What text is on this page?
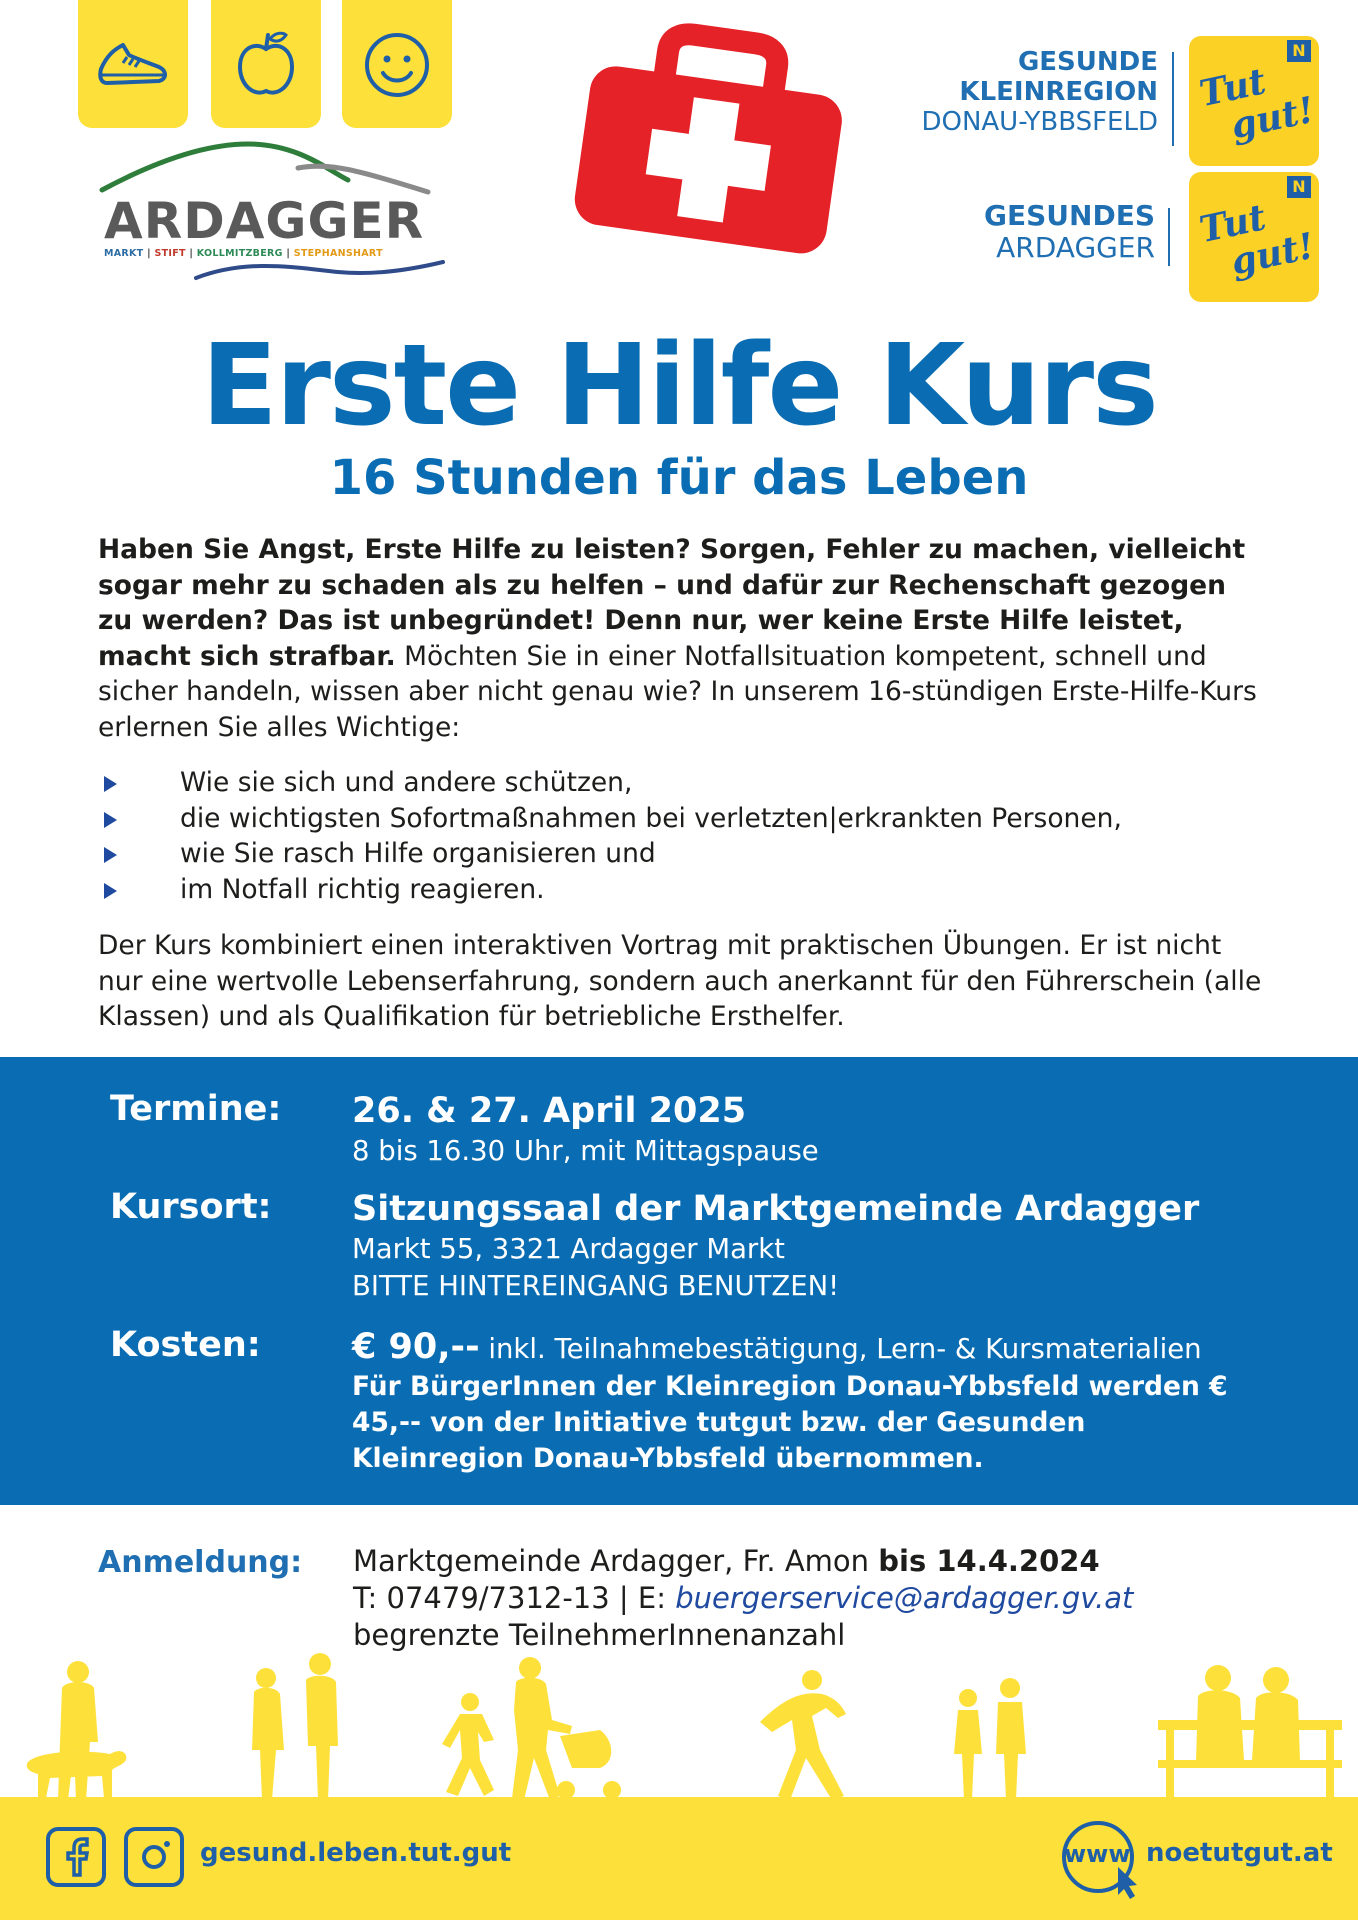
ARDAGGER
MARKT | STIFT | KOLLMITZBERG | STEPHANSHART
GESUNDE
KLEINREGION
DONAU-YBBSFELD
N
Tut
gut!
GESUNDES
ARDAGGER
N
Tut
gut!
Erste Hilfe Kurs
16 Stunden für das Leben
Haben Sie Angst, Erste Hilfe zu leisten? Sorgen, Fehler zu machen, vielleicht sogar mehr zu schaden als zu helfen – und dafür zur Rechenschaft gezogen zu werden? Das ist unbegründet! Denn nur, wer keine Erste Hilfe leistet, macht sich strafbar. Möchten Sie in einer Notfallsituation kompetent, schnell und sicher handeln, wissen aber nicht genau wie? In unserem 16-stündigen Erste-Hilfe-Kurs erlernen Sie alles Wichtige:
Wie sie sich und andere schützen,
die wichtigsten Sofortmaßnahmen bei verletzten|erkrankten Personen,
wie Sie rasch Hilfe organisieren und
im Notfall richtig reagieren.
Der Kurs kombiniert einen interaktiven Vortrag mit praktischen Übungen. Er ist nicht nur eine wertvolle Lebenserfahrung, sondern auch anerkannt für den Führerschein (alle Klassen) und als Qualifikation für betriebliche Ersthelfer.
Termine: 26. & 27. April 2025
8 bis 16.30 Uhr, mit Mittagspause
Kursort: Sitzungssaal der Marktgemeinde Ardagger
Markt 55, 3321 Ardagger Markt
BITTE HINTEREINGANG BENUTZEN!
Kosten:	€ 90,-- inkl. Teilnahmebestätigung, Lern- & Kursmaterialien
Für BürgerInnen der Kleinregion Donau-Ybbsfeld werden € 45,-- von der Initiative tutgut bzw. der Gesunden Kleinregion Donau-Ybbsfeld übernommen.
Anmeldung: Marktgemeinde Ardagger, Fr. Amon bis 14.4.2024
T: 07479/7312-13 | E: buergerservice@ardagger.gv.at
begrenzte TeilnehmerInnenanzahl
gesund.leben.tut.gut	www noetutgut.at
